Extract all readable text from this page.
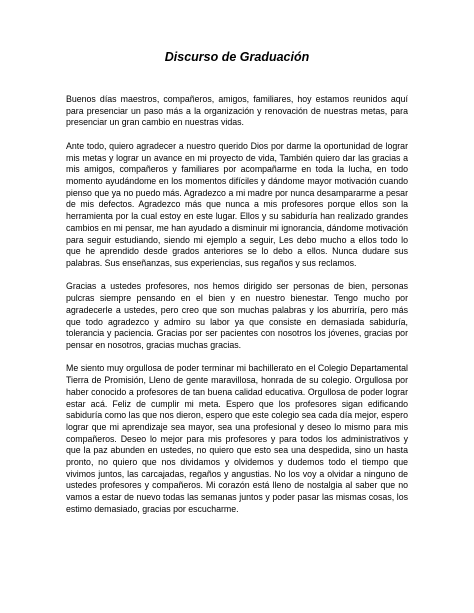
Discurso de Graduación

Buenos días maestros, compañeros, amigos, familiares, hoy estamos reunidos aquí para presenciar un paso más a la organización y renovación de nuestras metas, para presenciar un gran cambio en nuestras vidas.

Ante todo, quiero agradecer a nuestro querido Dios por darme la oportunidad de lograr mis metas y lograr un avance en mi proyecto de vida, También quiero dar las gracias a mis amigos, compañeros y familiares por acompañarme en toda la lucha, en todo momento ayudándome en los momentos difíciles y dándome mayor motivación cuando pienso que ya no puedo más. Agradezco a mi madre por nunca desampararme a pesar de mis defectos. Agradezco más que nunca a mis profesores porque ellos son la herramienta por la cual estoy en este lugar. Ellos y su sabiduría han realizado grandes cambios en mi pensar, me han ayudado a disminuir mi ignorancia, dándome motivación para seguir estudiando, siendo mi ejemplo a seguir, Les debo mucho a ellos todo lo que he aprendido desde grados anteriores se lo debo a ellos. Nunca dudare sus palabras. Sus enseñanzas, sus experiencias, sus regaños y sus reclamos.

Gracias a ustedes profesores, nos hemos dirigido ser personas de bien, personas pulcras siempre pensando en el bien y en nuestro bienestar. Tengo mucho por agradecerle a ustedes, pero creo que son muchas palabras y los aburriría, pero más que todo agradezco y admiro su labor ya que consiste en demasiada sabiduría, tolerancia y paciencia. Gracias por ser pacientes con nosotros los jóvenes, gracias por pensar en nosotros, gracias muchas gracias.

Me siento muy orgullosa de poder terminar mi bachillerato en el Colegio Departamental Tierra de Promisión, Lleno de gente maravillosa, honrada de su colegio. Orgullosa por haber conocido a profesores de tan buena calidad educativa. Orgullosa de poder lograr estar acá. Feliz de cumplir mi meta. Espero que los profesores sigan edificando sabiduría como las que nos dieron, espero que este colegio sea cada día mejor, espero lograr que mi aprendizaje sea mayor, sea una profesional y deseo lo mismo para mis compañeros. Deseo lo mejor para mis profesores y para todos los administrativos y que la paz abunden en ustedes, no quiero que esto sea una despedida, sino un hasta pronto, no quiero que nos dividamos y olvidemos y dudemos todo el tiempo que vivimos juntos, las carcajadas, regaños y angustias. No los voy a olvidar a ninguno de ustedes profesores y compañeros. Mi corazón está lleno de nostalgia al saber que no vamos a estar de nuevo todas las semanas juntos y poder pasar las mismas cosas, los estimo demasiado, gracias por escucharme.
